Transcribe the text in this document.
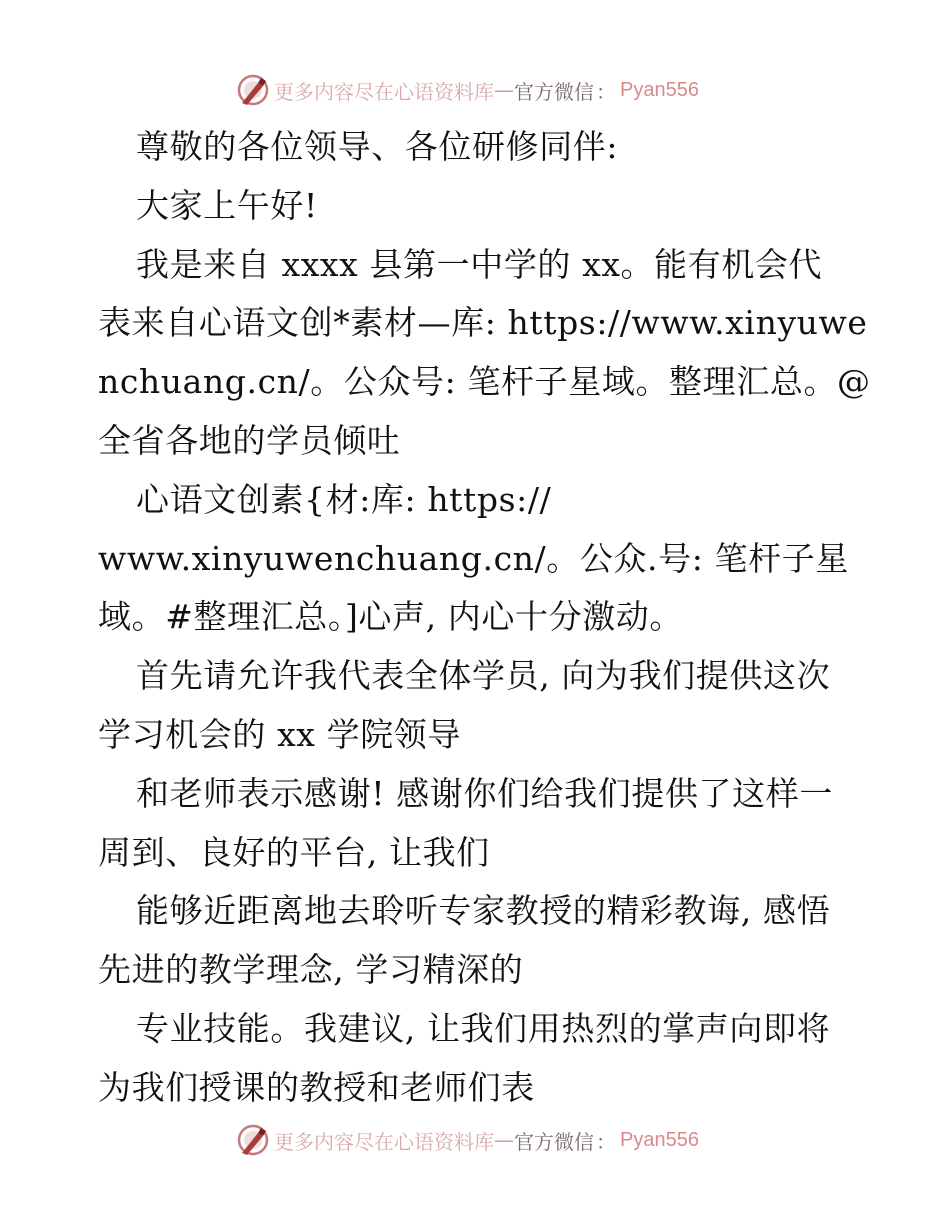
更多内容尽在心语资料库 — 官方微信 ： Pyan556
尊敬的各位领导、各位研修同伴:
大家上午好!
我是来自 xxxx 县第一中学的 xx。能有机会代
表来自心语文创*素材—库: https://www.xinyuwe
nchuang.cn/。公众号: 笔杆子星域。整理汇总。@
全省各地的学员倾吐
心语文创素{材:库: https://
www.xinyuwenchuang.cn/。公众.号: 笔杆子星
域。#整理汇总。]心声, 内心十分激动。
首先请允许我代表全体学员, 向为我们提供这次
学习机会的 xx 学院领导
和老师表示感谢! 感谢你们给我们提供了这样一
周到、良好的平台, 让我们
能够近距离地去聆听专家教授的精彩教诲, 感悟
先进的教学理念, 学习精深的
专业技能。我建议, 让我们用热烈的掌声向即将
为我们授课的教授和老师们表
更多内容尽在心语资料库 — 官方微信 ： Pyan556
